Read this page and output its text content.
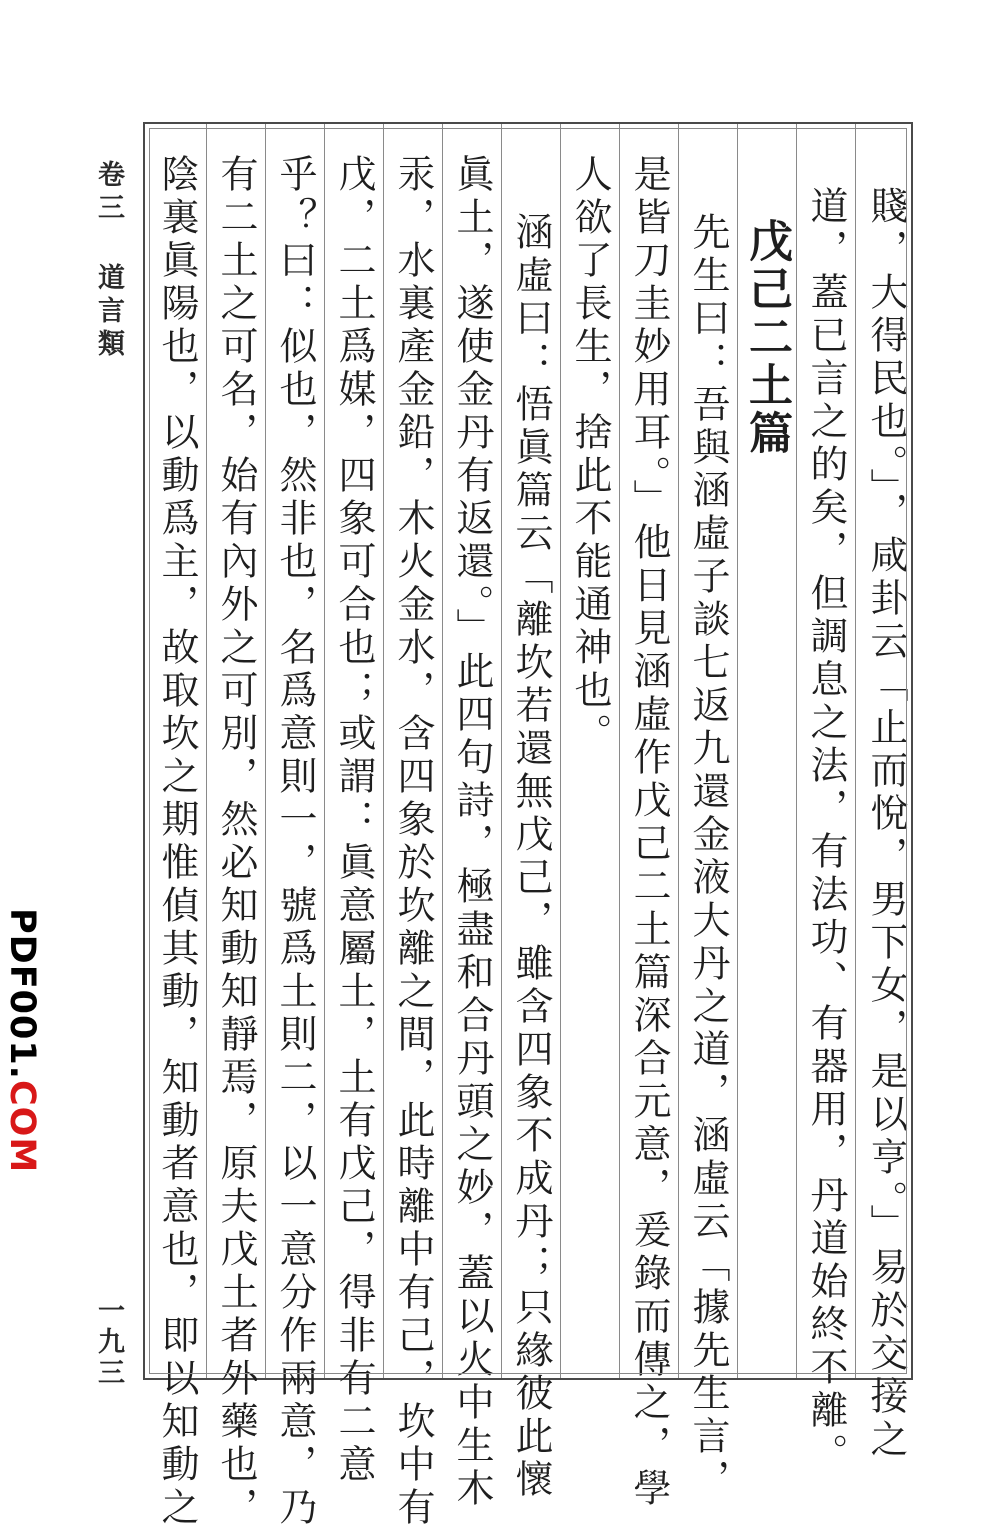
卷三 道言類
一九三
PDF001.COM	賤，大得民也。」，咸卦云「止而悅，男下女，是以亨。」易於交接之
道，蓋已言之的矣，但調息之法，有法功、有器用，丹道始終不離。
戊己二土篇
先生曰：吾與涵虛子談七返九還金液大丹之道，涵虛云「據先生言，
是皆刀圭妙用耳。」他日見涵虛作戊己二土篇深合元意，爰錄而傳之，學
人欲了長生，捨此不能通神也。
涵虛曰：悟眞篇云「離坎若還無戊己，雖含四象不成丹；只緣彼此懷
眞土，遂使金丹有返還。」此四句詩，極盡和合丹頭之妙，蓋以火中生木
汞，水裏產金鉛，木火金水，含四象於坎離之間，此時離中有己，坎中有
戊，二土爲媒，四象可合也；或謂：眞意屬土，土有戊己，得非有二意
乎？曰：似也，然非也，名爲意則一，號爲土則二，以一意分作兩意，乃
有二土之可名，始有內外之可別，然必知動知靜焉，原夫戊土者外藥也，
陰裏眞陽也，以動爲主，故取坎之期惟偵其動，知動者意也，即以知動之
